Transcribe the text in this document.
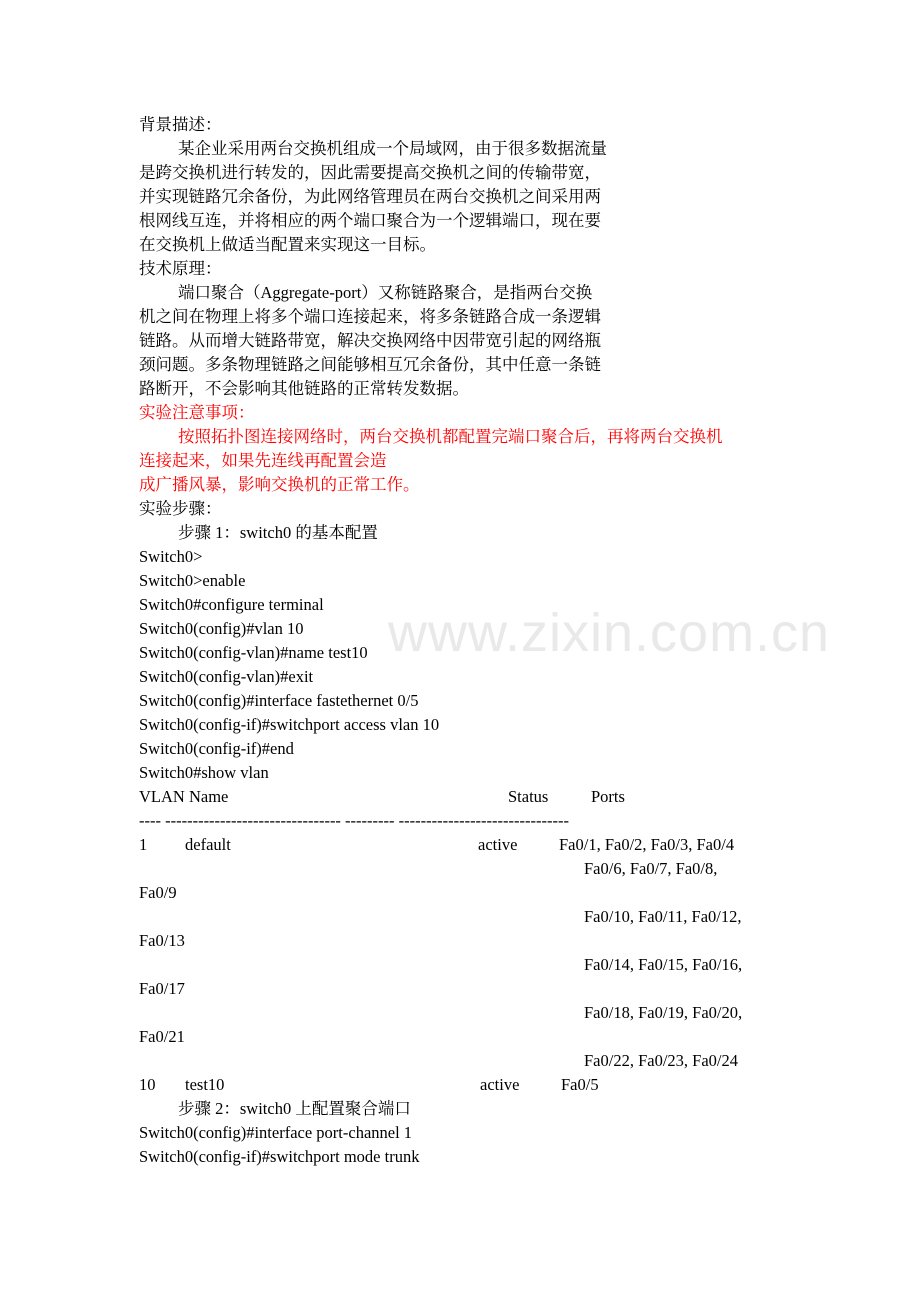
www.zixin.com.cn
背景描述：
某企业采用两台交换机组成一个局域网，由于很多数据流量
是跨交换机进行转发的，因此需要提高交换机之间的传输带宽，
并实现链路冗余备份，为此网络管理员在两台交换机之间采用两
根网线互连，并将相应的两个端口聚合为一个逻辑端口，现在要
在交换机上做适当配置来实现这一目标。
技术原理：
端口聚合（Aggregate-port）又称链路聚合，是指两台交换
机之间在物理上将多个端口连接起来，将多条链路合成一条逻辑
链路。从而增大链路带宽，解决交换网络中因带宽引起的网络瓶
颈问题。多条物理链路之间能够相互冗余备份，其中任意一条链
路断开，不会影响其他链路的正常转发数据。
实验注意事项：
按照拓扑图连接网络时，两台交换机都配置完端口聚合后，再将两台交换机
连接起来，如果先连线再配置会造
成广播风暴，影响交换机的正常工作。
实验步骤：
步骤 1：switch0 的基本配置
Switch0>
Switch0>enable
Switch0#configure terminal
Switch0(config)#vlan 10
Switch0(config-vlan)#name test10
Switch0(config-vlan)#exit
Switch0(config)#interface fastethernet 0/5
Switch0(config-if)#switchport access vlan 10
Switch0(config-if)#end
Switch0#show vlan
VLAN Name	Status	Ports
---- -------------------------------- --------- -------------------------------
1 default	active	Fa0/1, Fa0/2, Fa0/3, Fa0/4
Fa0/6, Fa0/7, Fa0/8,
Fa0/9
Fa0/10, Fa0/11, Fa0/12,
Fa0/13
Fa0/14, Fa0/15, Fa0/16,
Fa0/17
Fa0/18, Fa0/19, Fa0/20,
Fa0/21
Fa0/22, Fa0/23, Fa0/24
10 test10	active	Fa0/5
步骤 2：switch0 上配置聚合端口
Switch0(config)#interface port-channel 1
Switch0(config-if)#switchport mode trunk
